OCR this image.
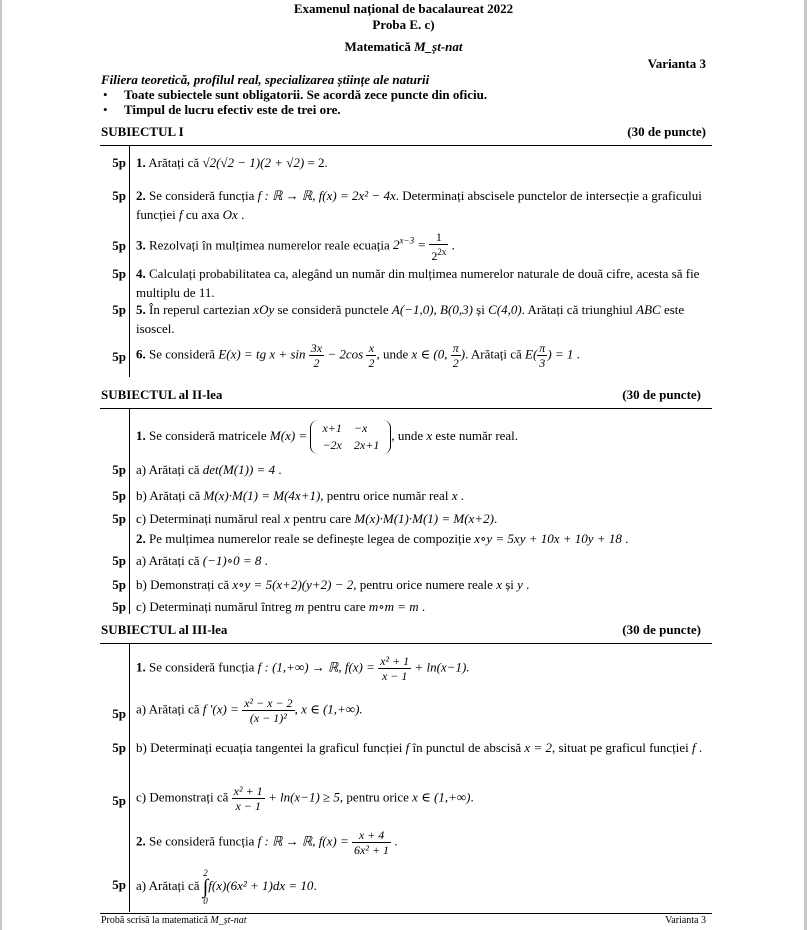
Examenul național de bacalaureat 2022
Proba E. c)
Matematică M_șt-nat
Varianta 3
Filiera teoretică, profilul real, specializarea științe ale naturii
• Toate subiectele sunt obligatorii. Se acordă zece puncte din oficiu.
• Timpul de lucru efectiv este de trei ore.
SUBIECTUL I	(30 de puncte)
5p 1. Arătați că √2(√2 − 1)(2 + √2) = 2.
5p 2. Se consideră funcția f : ℝ → ℝ, f(x) = 2x² − 4x. Determinați abscisele punctelor de intersecție a graficului funcției f cu axa Ox .
5p 3. Rezolvați în mulțimea numerelor reale ecuația $2^{x-3} = \frac{1}{2^{2x}}$ .
5p 4. Calculați probabilitatea ca, alegând un număr din mulțimea numerelor naturale de două cifre, acesta să fie multiplu de 11.
5p 5. În reperul cartezian xOy se consideră punctele A(−1,0), B(0,3) și C(4,0). Arătați că triunghiul ABC este isoscel.
5p 6. Se consideră E(x) = tg $x + \sin \frac{3x}{2} - 2\cos \frac{x}{2}$ , unde x ∈ (0, $\frac{\pi}{2}$ ). Arătați că $E( \frac{\pi}{3}$ ) = 1 .
SUBIECTUL al II-lea	(30 de puncte)
1. Se consideră matricele M(x) = x+1	−x
−2x	2x+1
, unde x este număr real.
5p a) Arătați că det(M(1)) = 4 .
5p b) Arătați că M(x)·M(1) = M(4x+1), pentru orice număr real x .
5p c) Determinați numărul real x pentru care M(x)·M(1)·M(1) = M(x+2).
2. Pe mulțimea numerelor reale se definește legea de compoziție x∘y = 5xy + 10x + 10y + 18 .
5p a) Arătați că (−1)∘0 = 8 .
5p b) Demonstrați că x∘y = 5(x+2)(y+2) − 2, pentru orice numere reale x și y .
5p c) Determinați numărul întreg m pentru care m∘m = m .
SUBIECTUL al III-lea	(30 de puncte)
1. Se consideră funcția f : (1,+∞) → ℝ, $f(x) = \frac{\text{x² + 1}}{x - 1} + \ln(x-1)$.
5p a) Arătați că f '$(x) = \frac{\text{x² − x − 2}}{\text{(x − 1)²}}$ , x ∈ (1,+∞).
5p b) Determinați ecuația tangentei la graficul funcției f în punctul de abscisă x = 2, situat pe graficul funcției f .
5p c) Demonstrați că $\frac{\text{x² + 1}}{x - 1} + \ln(x-1) \ge 5$, pentru orice x ∈ (1,+∞).
2. Se consideră funcția f : ℝ → ℝ, $f(x) = \frac{x + 4}{\text{6x² + 1}}$ .
5p a) Arătați că 2
∫
0f(x)(6x² + 1)dx = 10.
Probă scrisă la matematică M_șt-nat	Varianta 3
